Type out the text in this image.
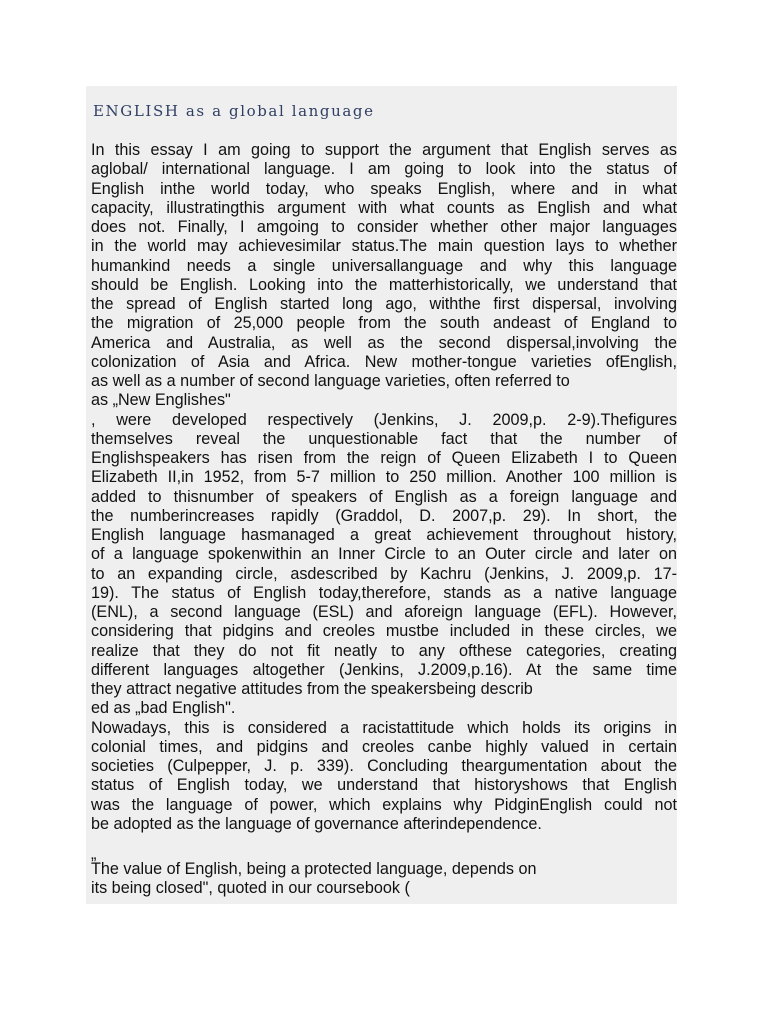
ENGLISH as a global language
In this essay I am going to support the argument that English serves as
aglobal/ international language. I am going to look into the status of
English inthe world today, who speaks English, where and in what
capacity, illustratingthis argument with what counts as English and what
does not. Finally, I amgoing to consider whether other major languages
in the world may achievesimilar status.The main question lays to whether
humankind needs a single universallanguage and why this language
should be English. Looking into the matterhistorically, we understand that
the spread of English started long ago, withthe first dispersal, involving
the migration of 25,000 people from the south andeast of England to
America and Australia, as well as the second dispersal,involving the
colonization of Asia and Africa. New mother-tongue varieties ofEnglish,
as well as a number of second language varieties, often referred to
as „New Englishes"
, were developed respectively (Jenkins, J. 2009,p. 2-9).Thefigures
themselves reveal the unquestionable fact that the number of
Englishspeakers has risen from the reign of Queen Elizabeth I to Queen
Elizabeth II,in 1952, from 5-7 million to 250 million. Another 100 million is
added to thisnumber of speakers of English as a foreign language and
the numberincreases rapidly (Graddol, D. 2007,p. 29). In short, the
English language hasmanaged a great achievement throughout history,
of a language spokenwithin an Inner Circle to an Outer circle and later on
to an expanding circle, asdescribed by Kachru (Jenkins, J. 2009,p. 17-
19). The status of English today,therefore, stands as a native language
(ENL), a second language (ESL) and aforeign language (EFL). However,
considering that pidgins and creoles mustbe included in these circles, we
realize that they do not fit neatly to any ofthese categories, creating
different languages altogether (Jenkins, J.2009,p.16). At the same time
they attract negative attitudes from the speakersbeing describ
ed as „bad English".
Nowadays, this is considered a racistattitude which holds its origins in
colonial times, and pidgins and creoles canbe highly valued in certain
societies (Culpepper, J. p. 339). Concluding theargumentation about the
status of English today, we understand that historyshows that English
was the language of power, which explains why PidginEnglish could not
be adopted as the language of governance afterindependence.
„
The value of English, being a protected language, depends on
its being closed", quoted in our coursebook (
